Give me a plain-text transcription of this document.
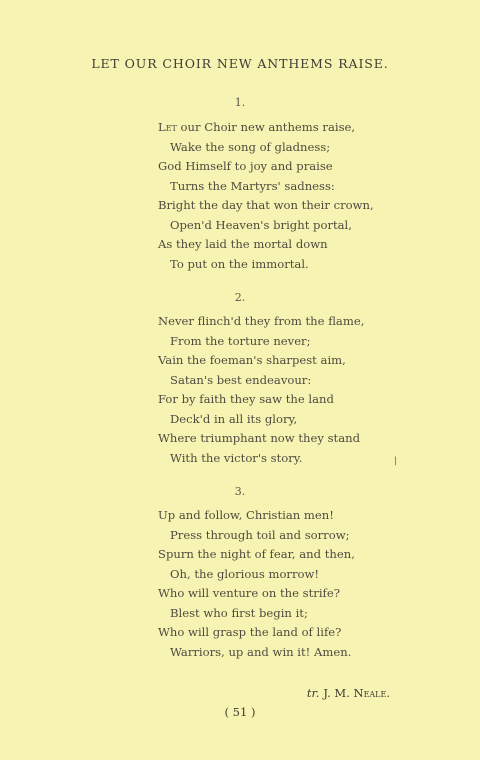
LET OUR CHOIR NEW ANTHEMS RAISE.
1.
Let our Choir new anthems raise,
Wake the song of gladness;
God Himself to joy and praise
Turns the Martyrs' sadness:
Bright the day that won their crown,
Open'd Heaven's bright portal,
As they laid the mortal down
To put on the immortal.
2.
Never flinch'd they from the flame,
From the torture never;
Vain the foeman's sharpest aim,
Satan's best endeavour:
For by faith they saw the land
Deck'd in all its glory,
Where triumphant now they stand
With the victor's story.	/
3.
Up and follow, Christian men!
Press through toil and sorrow;
Spurn the night of fear, and then,
Oh, the glorious morrow!
Who will venture on the strife?
Blest who first begin it;
Who will grasp the land of life?
Warriors, up and win it! Amen.
tr. J. M. Neale.
( 51 )
